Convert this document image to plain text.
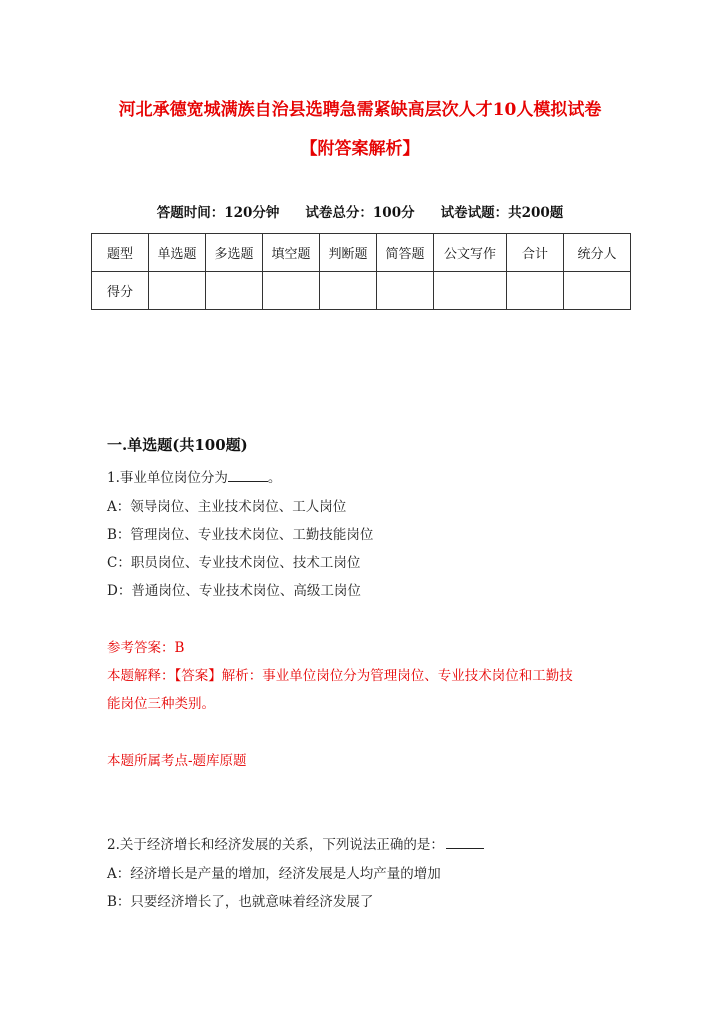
河北承德宽城满族自治县选聘急需紧缺高层次人才10人模拟试卷
【附答案解析】
答题时间：120分钟 试卷总分：100分 试卷试题：共200题
题型	单选题	多选题	填空题	判断题	简答题	公文写作	合计	统分人
得分								
一.单选题(共100题)
1.事业单位岗位分为	。
A：领导岗位、主业技术岗位、工人岗位
B：管理岗位、专业技术岗位、工勤技能岗位
C：职员岗位、专业技术岗位、技术工岗位
D：普通岗位、专业技术岗位、高级工岗位
参考答案：B
本题解释：【答案】解析：事业单位岗位分为管理岗位、专业技术岗位和工勤技
能岗位三种类别。
本题所属考点-题库原题
2.关于经济增长和经济发展的关系，下列说法正确的是：
A：经济增长是产量的增加，经济发展是人均产量的增加
B：只要经济增长了，也就意味着经济发展了
